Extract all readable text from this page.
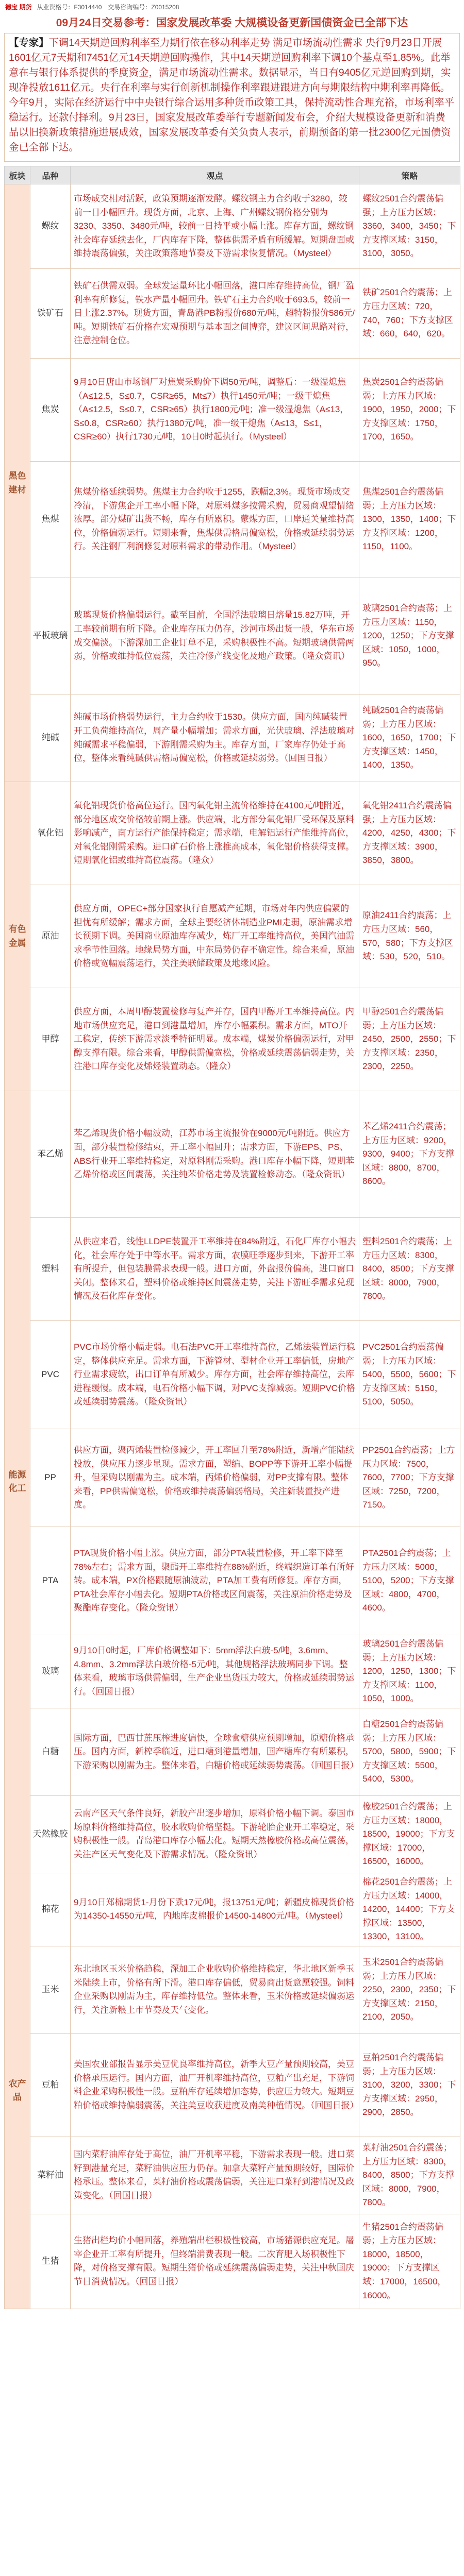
德宝 期货 从业资格号：F3014440　交易咨询编号：Z0015208
09月24日交易参考：国家发展改革委 大规模设备更新国债资金已全部下达
【专家】下调14天期逆回购利率至力期行依在移动利率走势 满足市场流动性需求 央行9月23日开展1601亿元7天期和7451亿元14天期逆回购操作，其中14天期逆回购利率下调10个基点至1.85%。此举意在与银行体系提供的季度资金，满足市场流动性需求。数据显示，当日有9405亿元逆回购到期，实现净投放1611亿元。央行在利率与实行创新机制操作利率跟进跟进方向与期限结构中期利率再降低。今年9月，实际在经济运行中中央银行综合运用多种货币政策工具，保持流动性合理充裕，市场利率平稳运行。还款付择利。9月23日，国家发展改革委举行专题新闻发布会，介绍大规模设备更新和消费品以旧换新政策措施进展成效，国家发展改革委有关负责人表示，前期预备的第一批2300亿元国债资金已全部下达。
板块	品种	观点	策略
黑色建材	螺纹	市场成交相对活跃，政策预期逐渐发酵。螺纹钢主力合约收于3280，较前一日小幅回升。现货方面，北京、上海、广州螺纹钢价格分别为3230、3350、3480元/吨，较前一日持平或小幅上涨。库存方面，螺纹钢社会库存延续去化，厂内库存下降，整体供需矛盾有所缓解。短期盘面或维持震荡偏强，关注政策落地节奏及下游需求恢复情况。（Mysteel）	螺纹2501合约震荡偏强；上方压力区域：3360，3400，3450；下方支撑区域：3150，3100，3050。
	铁矿石	铁矿石供需双弱。全球发运量环比小幅回落，港口库存维持高位，钢厂盈利率有所修复，铁水产量小幅回升。铁矿石主力合约收于693.5，较前一日上涨2.37%。现货方面，青岛港PB粉报价680元/吨，超特粉报价586元/吨。短期铁矿石价格在宏观预期与基本面之间博弈，建议区间思路对待，注意控制仓位。	铁矿2501合约震荡；上方压力区域：720，740，760；下方支撑区域：660，640，620。
	焦炭	9月10日唐山市场钢厂对焦炭采购价下调50元/吨，调整后：一级湿熄焦（A≤12.5，S≤0.7，CSR≥65，Mt≤7）执行1450元/吨；一级干熄焦（A≤12.5，S≤0.7，CSR≥65）执行1800元/吨；准一级湿熄焦（A≤13，S≤0.8，CSR≥60）执行1380元/吨，准一级干熄焦（A≤13，S≤1，CSR≥60）执行1730元/吨，10日0时起执行。（Mysteel）	焦炭2501合约震荡偏弱；上方压力区域：1900，1950，2000；下方支撑区域：1750，1700，1650。
	焦煤	焦煤价格延续弱势。焦煤主力合约收于1255，跌幅2.3%。现货市场成交冷清，下游焦企开工率小幅下降，对原料煤多按需采购，贸易商观望情绪浓厚。部分煤矿出货不畅，库存有所累积。蒙煤方面，口岸通关量维持高位，价格偏弱运行。短期来看，焦煤供需格局偏宽松，价格或延续弱势运行。关注钢厂利润修复对原料需求的带动作用。（Mysteel）	焦煤2501合约震荡偏弱；上方压力区域：1300，1350，1400；下方支撑区域：1200，1150，1100。
	平板玻璃	玻璃现货价格偏弱运行。截至目前，全国浮法玻璃日熔量15.82万吨，开工率较前期有所下降。企业库存压力仍存，沙河市场出货一般，华东市场成交偏淡。下游深加工企业订单不足，采购积极性不高。短期玻璃供需两弱，价格或维持低位震荡，关注冷修产线变化及地产政策。（隆众资讯）	玻璃2501合约震荡；上方压力区域：1150，1200，1250；下方支撑区域：1050，1000，950。
	纯碱	纯碱市场价格弱势运行，主力合约收于1530。供应方面，国内纯碱装置开工负荷维持高位，周产量小幅增加；需求方面，光伏玻璃、浮法玻璃对纯碱需求平稳偏弱，下游刚需采购为主。库存方面，厂家库存仍处于高位，整体来看纯碱供需格局偏宽松，价格或延续弱势。（回国日报）	纯碱2501合约震荡偏弱；上方压力区域：1600，1650，1700；下方支撑区域：1450，1400，1350。
有色金属	氧化铝	氧化铝现货价格高位运行。国内氧化铝主流价格维持在4100元/吨附近，部分地区成交价格较前期上涨。供应端，北方部分氧化铝厂受环保及原料影响减产，南方运行产能保持稳定；需求端，电解铝运行产能维持高位，对氧化铝刚需采购。进口矿石价格上涨推高成本，氧化铝价格获得支撑。短期氧化铝或维持高位震荡。（隆众）	氧化铝2411合约震荡偏强；上方压力区域：4200，4250，4300；下方支撑区域：3900，3850，3800。
	原油	供应方面，OPEC+部分国家执行自愿减产延期，市场对年内供应偏紧的担忧有所缓解；需求方面，全球主要经济体制造业PMI走弱，原油需求增长预期下调。美国商业原油库存减少，炼厂开工率维持高位，美国汽油需求季节性回落。地缘局势方面，中东局势仍存不确定性。综合来看，原油价格或宽幅震荡运行，关注美联储政策及地缘风险。	原油2411合约震荡；上方压力区域：560，570，580；下方支撑区域：530，520，510。
	甲醇	供应方面，本周甲醇装置检修与复产并存，国内甲醇开工率维持高位。内地市场供应充足，港口到港量增加，库存小幅累积。需求方面，MTO开工稳定，传统下游需求淡季特征明显。成本端，煤炭价格偏弱运行，对甲醇支撑有限。综合来看，甲醇供需偏宽松，价格或延续震荡偏弱走势，关注港口库存变化及烯烃装置动态。（隆众）	甲醇2501合约震荡偏弱；上方压力区域：2450，2500，2550；下方支撑区域：2350，2300，2250。
能源化工	苯乙烯	苯乙烯现货价格小幅波动，江苏市场主流报价在9000元/吨附近。供应方面，部分装置检修结束，开工率小幅回升；需求方面，下游EPS、PS、ABS行业开工率维持稳定，对原料刚需采购。港口库存小幅下降，短期苯乙烯价格或区间震荡，关注纯苯价格走势及装置检修动态。（隆众资讯）	苯乙烯2411合约震荡；上方压力区域：9200，9300，9400；下方支撑区域：8800，8700，8600。
	塑料	从供应来看，线性LLDPE装置开工率维持在84%附近，石化厂库存小幅去化，社会库存处于中等水平。需求方面，农膜旺季逐步到来，下游开工率有所提升，但包装膜需求表现一般。进口方面，外盘报价偏高，进口窗口关闭。整体来看，塑料价格或维持区间震荡走势，关注下游旺季需求兑现情况及石化库存变化。	塑料2501合约震荡；上方压力区域：8300，8400，8500；下方支撑区域：8000，7900，7800。
	PVC	PVC市场价格小幅走弱。电石法PVC开工率维持高位，乙烯法装置运行稳定，整体供应充足。需求方面，下游管材、型材企业开工率偏低，房地产行业需求疲软，出口订单有所减少。库存方面，社会库存维持高位，去库进程缓慢。成本端，电石价格小幅下调，对PVC支撑减弱。短期PVC价格或延续弱势震荡。（隆众资讯）	PVC2501合约震荡偏弱；上方压力区域：5400，5500，5600；下方支撑区域：5150，5100，5050。
	PP	供应方面，聚丙烯装置检修减少，开工率回升至78%附近，新增产能陆续投放，供应压力逐步显现。需求方面，塑编、BOPP等下游开工率小幅提升，但采购以刚需为主。成本端，丙烯价格偏弱，对PP支撑有限。整体来看，PP供需偏宽松，价格或维持震荡偏弱格局，关注新装置投产进度。	PP2501合约震荡；上方压力区域：7500，7600，7700；下方支撑区域：7250，7200，7150。
	PTA	PTA现货价格小幅上涨。供应方面，部分PTA装置检修，开工率下降至78%左右；需求方面，聚酯开工率维持在88%附近，终端织造订单有所好转。成本端，PX价格跟随原油波动，PTA加工费有所修复。库存方面，PTA社会库存小幅去化。短期PTA价格或区间震荡，关注原油价格走势及聚酯库存变化。（隆众资讯）	PTA2501合约震荡；上方压力区域：5000，5100，5200；下方支撑区域：4800，4700，4600。
	玻璃	9月10日0时起，厂库价格调整如下：5mm浮法白玻-5/吨，3.6mm、4.8mm、3.2mm浮法白玻价格-5元/吨，其他规格浮法玻璃同步下调。整体来看，玻璃市场供需偏弱，生产企业出货压力较大，价格或延续弱势运行。（回国日报）	玻璃2501合约震荡偏弱；上方压力区域：1200，1250，1300；下方支撑区域：1100，1050，1000。
	白糖	国际方面，巴西甘蔗压榨进度偏快，全球食糖供应预期增加，原糖价格承压。国内方面，新榨季临近，进口糖到港量增加，国产糖库存有所累积，下游采购以刚需为主。整体来看，白糖价格或延续弱势震荡。（回国日报）	白糖2501合约震荡偏弱；上方压力区域：5700，5800，5900；下方支撑区域：5500，5400，5300。
	天然橡胶	云南产区天气条件良好，新胶产出逐步增加，原料价格小幅下调。泰国市场原料价格维持高位，胶水收购价格坚挺。下游轮胎企业开工率稳定，采购积极性一般。青岛港口库存小幅去化。短期天然橡胶价格或高位震荡，关注产区天气变化及下游需求情况。（隆众资讯）	橡胶2501合约震荡；上方压力区域：18000，18500，19000；下方支撑区域：17000，16500，16000。
农产品	棉花	9月10日郑棉期货1-月份下跌17元/吨，报13751元/吨；新疆皮棉现货价格为14350-14550元/吨，内地库皮棉报价14500-14800元/吨。（Mysteel）	棉花2501合约震荡；上方压力区域：14000，14200，14400；下方支撑区域：13500，13300，13100。
	玉米	东北地区玉米价格趋稳，深加工企业收购价格维持稳定，华北地区新季玉米陆续上市，价格有所下滑。港口库存偏低，贸易商出货意愿较强。饲料企业采购以刚需为主，库存维持低位。整体来看，玉米价格或延续偏弱运行，关注新粮上市节奏及天气变化。	玉米2501合约震荡偏弱；上方压力区域：2250，2300，2350；下方支撑区域：2150，2100，2050。
	豆粕	美国农业部报告显示美豆优良率维持高位，新季大豆产量预期较高，美豆价格承压运行。国内方面，油厂开机率维持高位，豆粕产出充足，下游饲料企业采购积极性一般。豆粕库存延续增加态势，供应压力较大。短期豆粕价格或维持偏弱震荡，关注美豆收获进度及南美种植情况。（回国日报）	豆粕2501合约震荡偏弱；上方压力区域：3100，3200，3300；下方支撑区域：2950，2900，2850。
	菜籽油	国内菜籽油库存处于高位，油厂开机率平稳，下游需求表现一般。进口菜籽到港量充足，菜籽油供应压力仍存。加拿大菜籽产量预期较好，国际价格承压。整体来看，菜籽油价格或震荡偏弱，关注进口菜籽到港情况及政策变化。（回国日报）	菜籽油2501合约震荡；上方压力区域：8300，8400，8500；下方支撑区域：8000，7900，7800。
	生猪	生猪出栏均价小幅回落，养殖端出栏积极性较高，市场猪源供应充足。屠宰企业开工率有所提升，但终端消费表现一般。二次育肥入场积极性下降，对价格支撑有限。短期生猪价格或延续震荡偏弱走势，关注中秋国庆节日消费情况。（回国日报）	生猪2501合约震荡偏弱；上方压力区域：18000，18500，19000；下方支撑区域：17000，16500，16000。
